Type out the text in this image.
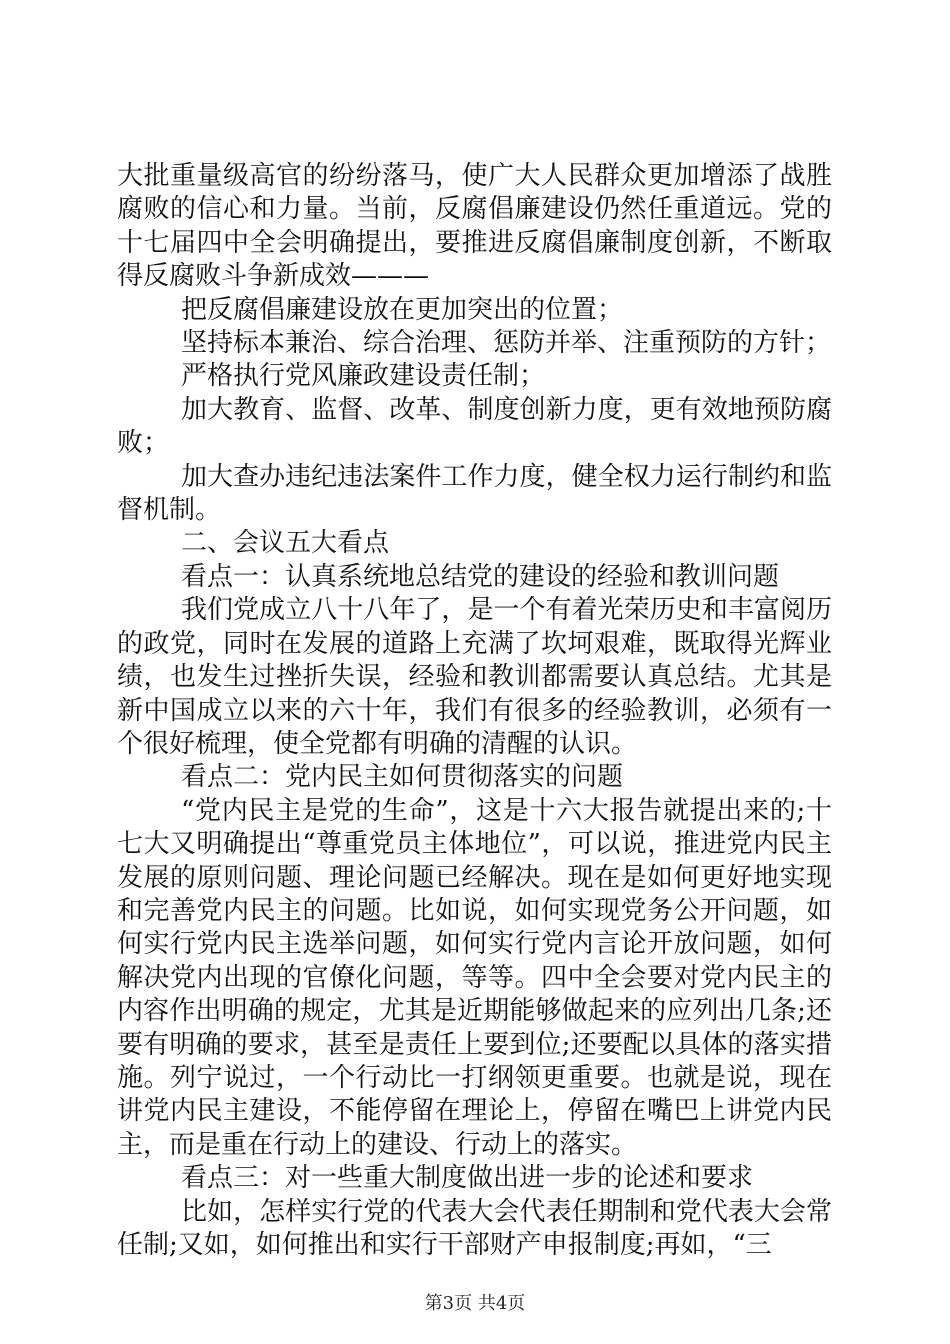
大批重量级高官的纷纷落马，使广大人民群众更加增添了战胜腐败的信心和力量。当前，反腐倡廉建设仍然任重道远。党的十七届四中全会明确提出，要推进反腐倡廉制度创新，不断取得反腐败斗争新成效———

把反腐倡廉建设放在更加突出的位置；

坚持标本兼治、综合治理、惩防并举、注重预防的方针；

严格执行党风廉政建设责任制；

加大教育、监督、改革、制度创新力度，更有效地预防腐败；

加大查办违纪违法案件工作力度，健全权力运行制约和监督机制。

二、会议五大看点

看点一：认真系统地总结党的建设的经验和教训问题

我们党成立八十八年了，是一个有着光荣历史和丰富阅历的政党，同时在发展的道路上充满了坎坷艰难，既取得光辉业绩，也发生过挫折失误，经验和教训都需要认真总结。尤其是新中国成立以来的六十年，我们有很多的经验教训，必须有一个很好梳理，使全党都有明确的清醒的认识。

看点二：党内民主如何贯彻落实的问题

“党内民主是党的生命”，这是十六大报告就提出来的;十七大又明确提出“尊重党员主体地位”，可以说，推进党内民主发展的原则问题、理论问题已经解决。现在是如何更好地实现和完善党内民主的问题。比如说，如何实现党务公开问题，如何实行党内民主选举问题，如何实行党内言论开放问题，如何解决党内出现的官僚化问题，等等。四中全会要对党内民主的内容作出明确的规定，尤其是近期能够做起来的应列出几条;还要有明确的要求，甚至是责任上要到位;还要配以具体的落实措施。列宁说过，一个行动比一打纲领更重要。也就是说，现在讲党内民主建设，不能停留在理论上，停留在嘴巴上讲党内民主，而是重在行动上的建设、行动上的落实。

看点三：对一些重大制度做出进一步的论述和要求

比如，怎样实行党的代表大会代表任期制和党代表大会常任制;又如，如何推出和实行干部财产申报制度;再如，“三

第3页 共4页
